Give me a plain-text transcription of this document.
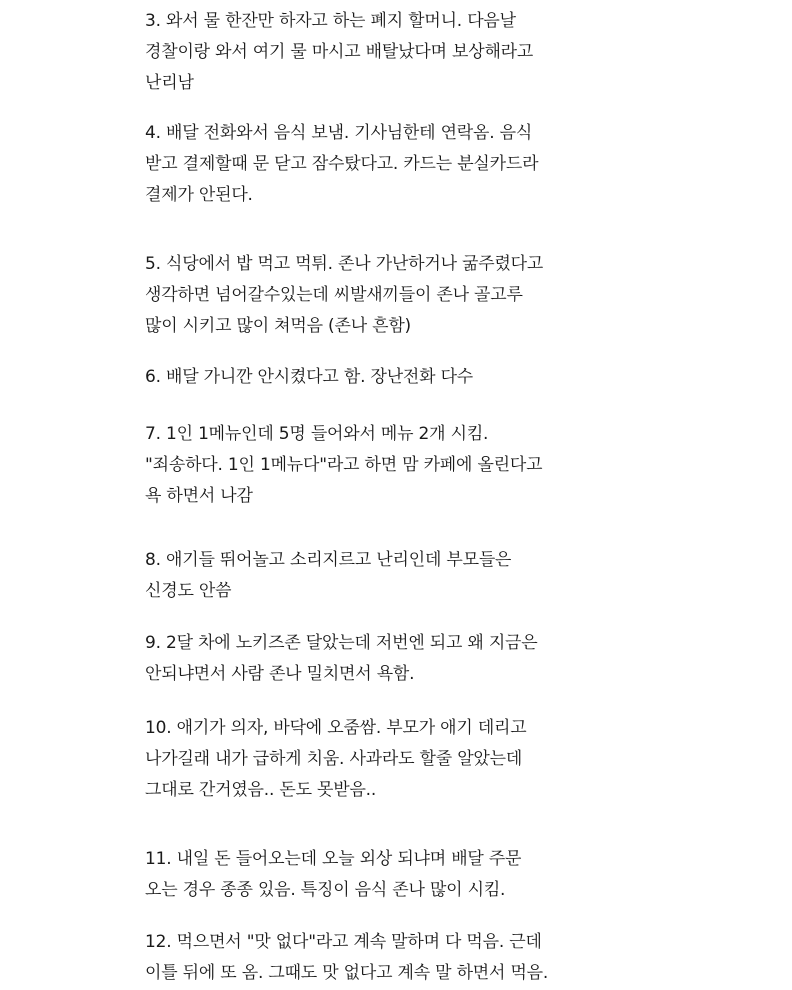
3. 와서 물 한잔만 하자고 하는 폐지 할머니. 다음날
경찰이랑 와서 여기 물 마시고 배탈났다며 보상해라고
난리남
4. 배달 전화와서 음식 보냄. 기사님한테 연락옴. 음식
받고 결제할때 문 닫고 잠수탔다고. 카드는 분실카드라
결제가 안된다.
5. 식당에서 밥 먹고 먹튀. 존나 가난하거나 굶주렸다고
생각하면 넘어갈수있는데 씨발새끼들이 존나 골고루
많이 시키고 많이 쳐먹음 (존나 흔함)
6. 배달 가니깐 안시켰다고 함. 장난전화 다수
7. 1인 1메뉴인데 5명 들어와서 메뉴 2개 시킴.
"죄송하다. 1인 1메뉴다"라고 하면 맘 카페에 올린다고
욕 하면서 나감
8. 애기들 뛰어놀고 소리지르고 난리인데 부모들은
신경도 안씀
9. 2달 차에 노키즈존 달았는데 저번엔 되고 왜 지금은
안되냐면서 사람 존나 밀치면서 욕함.
10. 애기가 의자, 바닥에 오줌쌈. 부모가 애기 데리고
나가길래 내가 급하게 치움. 사과라도 할줄 알았는데
그대로 간거였음.. 돈도 못받음..
11. 내일 돈 들어오는데 오늘 외상 되냐며 배달 주문
오는 경우 종종 있음. 특징이 음식 존나 많이 시킴.
12. 먹으면서 "맛 없다"라고 계속 말하며 다 먹음. 근데
이틀 뒤에 또 옴. 그때도 맛 없다고 계속 말 하면서 먹음.
